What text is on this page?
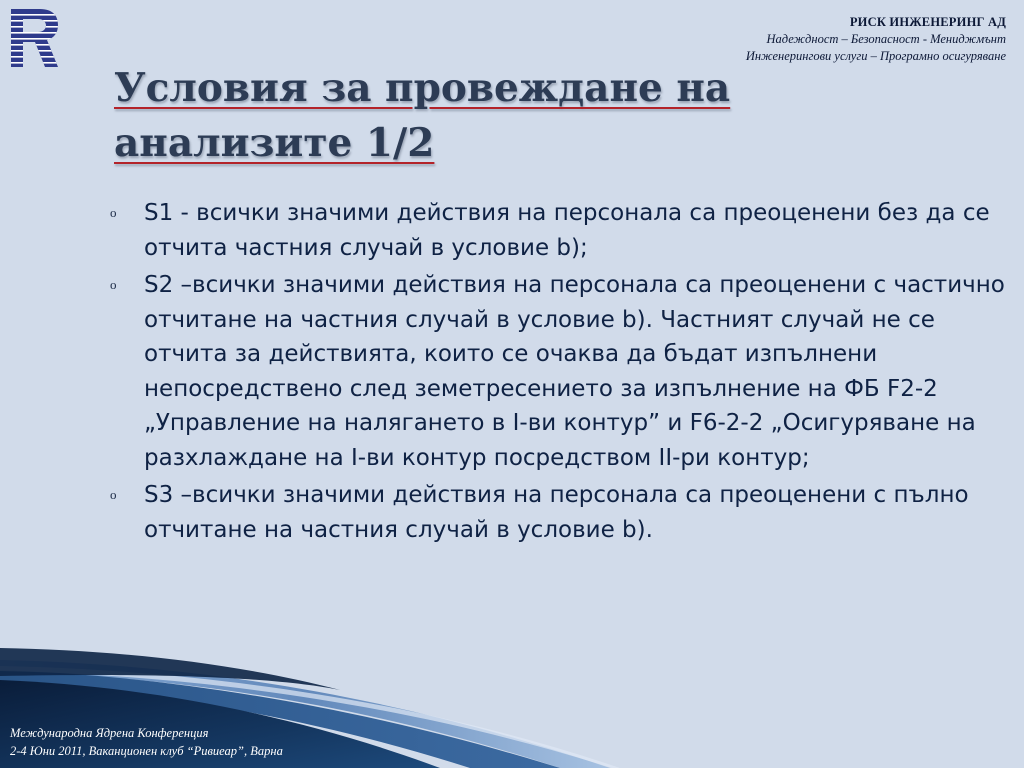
РИСК ИНЖЕНЕРИНГ АД
Надеждност – Безопасност - Мениджмънт
Инженерингови услуги – Програмно осигуряване
Условия за провеждане на анализите 1/2
o S1 - всички значими действия на персонала са преоценени без да се отчита частния случай в условие b);
o S2 –всички значими действия на персонала са преоценени с частично отчитане на частния случай в условие b). Частният случай не се отчита за действията, които се очаква да бъдат изпълнени непосредствено след земетресението за изпълнение на ФБ F2-2 „Управление на налягането в I-ви контур” и F6-2-2 „Осигуряване на разхлаждане на I-ви контур посредством II-ри контур;
o S3 –всички значими действия на персонала са преоценени с пълно отчитане на частния случай в условие b).
Международна Ядрена Конференция
2-4 Юни 2011, Ваканционен клуб “Ривиеар”, Варна
